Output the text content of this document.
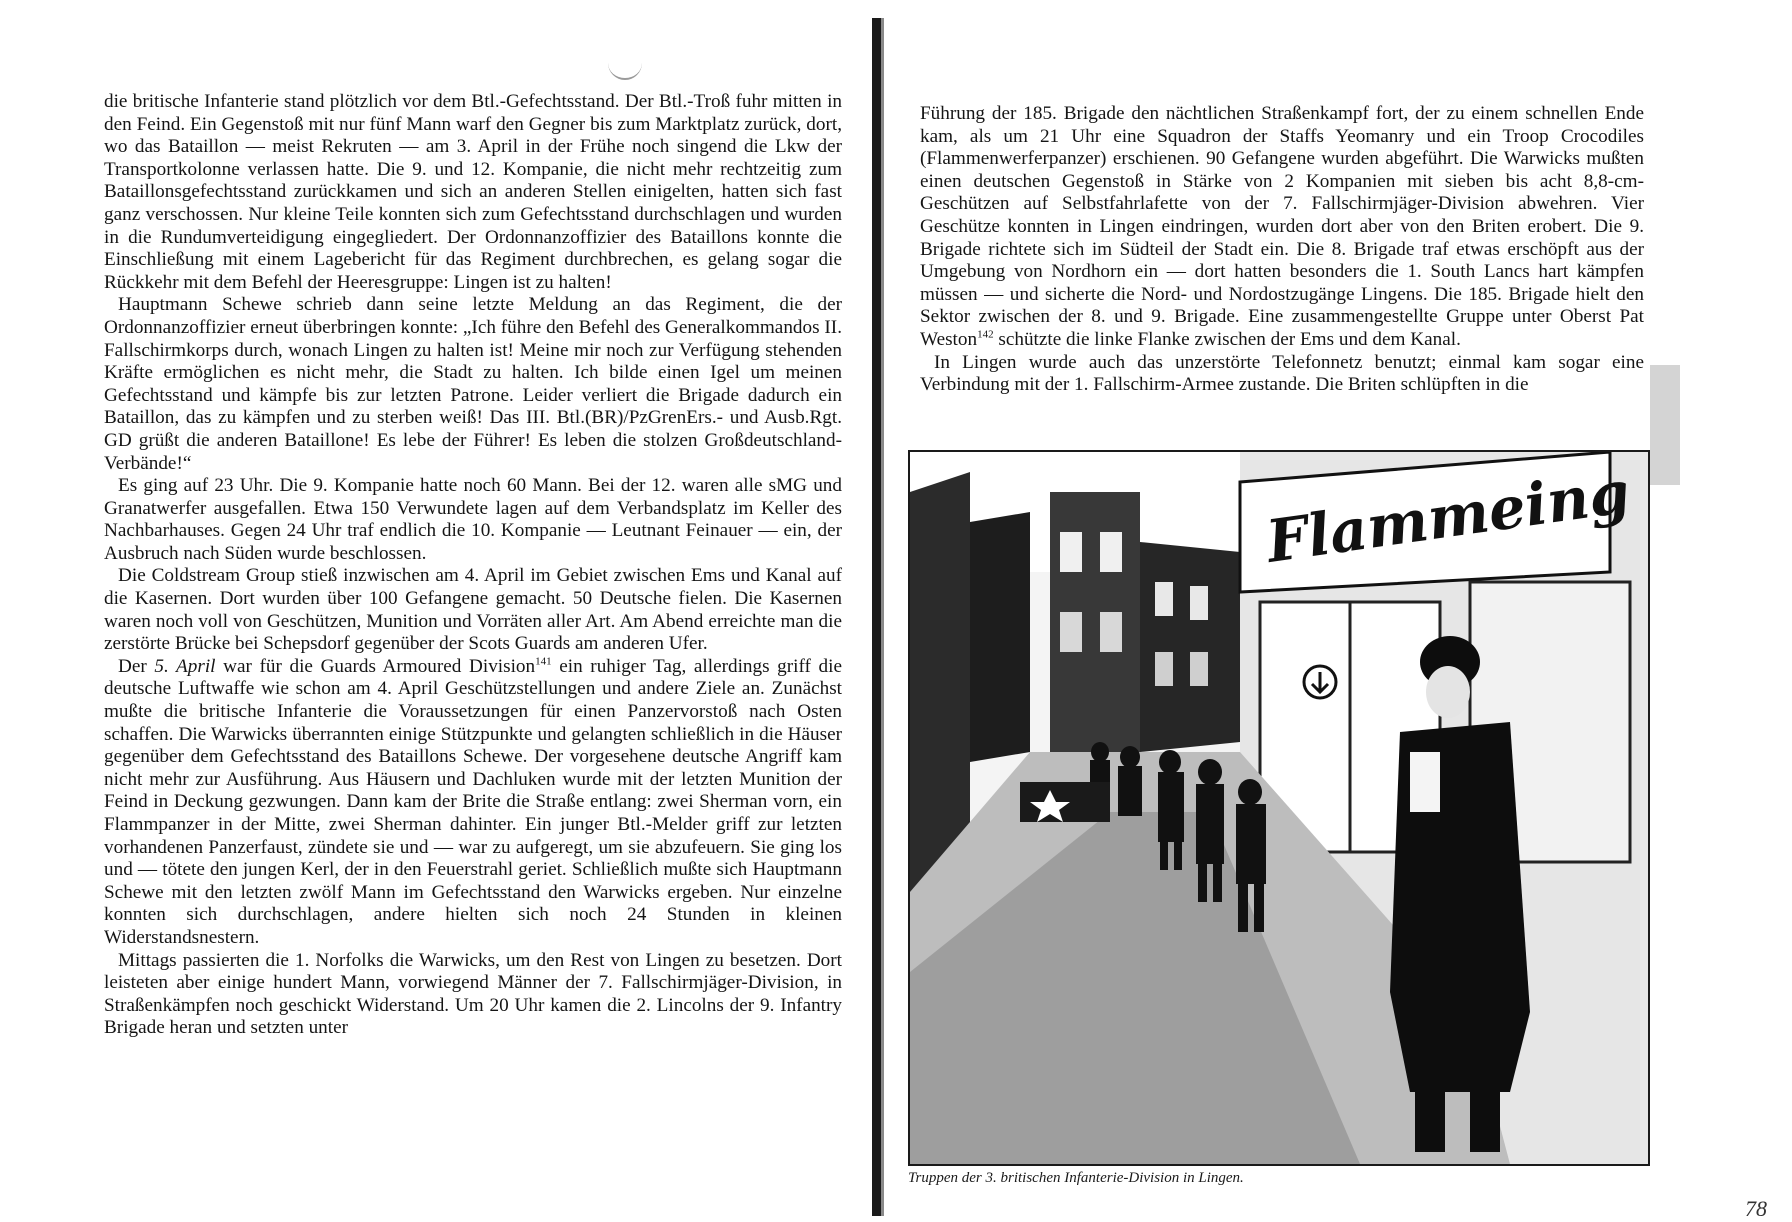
die britische Infanterie stand plötzlich vor dem Btl.-Gefechtsstand. Der Btl.-Troß fuhr mitten in den Feind. Ein Gegenstoß mit nur fünf Mann warf den Gegner bis zum Marktplatz zurück, dort, wo das Bataillon — meist Rekruten — am 3. April in der Frühe noch singend die Lkw der Transportkolonne verlassen hatte. Die 9. und 12. Kompanie, die nicht mehr rechtzeitig zum Bataillonsgefechtsstand zurückkamen und sich an anderen Stellen einigelten, hatten sich fast ganz verschossen. Nur kleine Teile konnten sich zum Gefechtsstand durchschlagen und wurden in die Rundumverteidigung eingegliedert. Der Ordonnanzoffizier des Bataillons konnte die Einschließung mit einem Lagebericht für das Regiment durchbrechen, es gelang sogar die Rückkehr mit dem Befehl der Heeresgruppe: Lingen ist zu halten!

Hauptmann Schewe schrieb dann seine letzte Meldung an das Regiment, die der Ordonnanzoffizier erneut überbringen konnte: „Ich führe den Befehl des Generalkommandos II. Fallschirmkorps durch, wonach Lingen zu halten ist! Meine mir noch zur Verfügung stehenden Kräfte ermöglichen es nicht mehr, die Stadt zu halten. Ich bilde einen Igel um meinen Gefechtsstand und kämpfe bis zur letzten Patrone. Leider verliert die Brigade dadurch ein Bataillon, das zu kämpfen und zu sterben weiß! Das III. Btl.(BR)/PzGrenErs.- und Ausb.Rgt. GD grüßt die anderen Bataillone! Es lebe der Führer! Es leben die stolzen Großdeutschland-Verbände!“

Es ging auf 23 Uhr. Die 9. Kompanie hatte noch 60 Mann. Bei der 12. waren alle sMG und Granatwerfer ausgefallen. Etwa 150 Verwundete lagen auf dem Verbandsplatz im Keller des Nachbarhauses. Gegen 24 Uhr traf endlich die 10. Kompanie — Leutnant Feinauer — ein, der Ausbruch nach Süden wurde beschlossen.

Die Coldstream Group stieß inzwischen am 4. April im Gebiet zwischen Ems und Kanal auf die Kasernen. Dort wurden über 100 Gefangene gemacht. 50 Deutsche fielen. Die Kasernen waren noch voll von Geschützen, Munition und Vorräten aller Art. Am Abend erreichte man die zerstörte Brücke bei Schepsdorf gegenüber der Scots Guards am anderen Ufer.

Der 5. April war für die Guards Armoured Division$^{141}$ ein ruhiger Tag, allerdings griff die deutsche Luftwaffe wie schon am 4. April Geschützstellungen und andere Ziele an. Zunächst mußte die britische Infanterie die Voraussetzungen für einen Panzervorstoß nach Osten schaffen. Die Warwicks überrannten einige Stützpunkte und gelangten schließlich in die Häuser gegenüber dem Gefechtsstand des Bataillons Schewe. Der vorgesehene deutsche Angriff kam nicht mehr zur Ausführung. Aus Häusern und Dachluken wurde mit der letzten Munition der Feind in Deckung gezwungen. Dann kam der Brite die Straße entlang: zwei Sherman vorn, ein Flammpanzer in der Mitte, zwei Sherman dahinter. Ein junger Btl.-Melder griff zur letzten vorhandenen Panzerfaust, zündete sie und — war zu aufgeregt, um sie abzufeuern. Sie ging los und — tötete den jungen Kerl, der in den Feuerstrahl geriet. Schließlich mußte sich Hauptmann Schewe mit den letzten zwölf Mann im Gefechtsstand den Warwicks ergeben. Nur einzelne konnten sich durchschlagen, andere hielten sich noch 24 Stunden in kleinen Widerstandsnestern.

Mittags passierten die 1. Norfolks die Warwicks, um den Rest von Lingen zu besetzen. Dort leisteten aber einige hundert Mann, vorwiegend Männer der 7. Fallschirmjäger-Division, in Straßenkämpfen noch geschickt Widerstand. Um 20 Uhr kamen die 2. Lincolns der 9. Infantry Brigade heran und setzten unter

Führung der 185. Brigade den nächtlichen Straßenkampf fort, der zu einem schnellen Ende kam, als um 21 Uhr eine Squadron der Staffs Yeomanry und ein Troop Crocodiles (Flammenwerferpanzer) erschienen. 90 Gefangene wurden abgeführt. Die Warwicks mußten einen deutschen Gegenstoß in Stärke von 2 Kompanien mit sieben bis acht 8,8-cm-Geschützen auf Selbstfahrlafette von der 7. Fallschirmjäger-Division abwehren. Vier Geschütze konnten in Lingen eindringen, wurden dort aber von den Briten erobert. Die 9. Brigade richtete sich im Südteil der Stadt ein. Die 8. Brigade traf etwas erschöpft aus der Umgebung von Nordhorn ein — dort hatten besonders die 1. South Lancs hart kämpfen müssen — und sicherte die Nord- und Nordostzugänge Lingens. Die 185. Brigade hielt den Sektor zwischen der 8. und 9. Brigade. Eine zusammengestellte Gruppe unter Oberst Pat Weston$^{142}$ schützte die linke Flanke zwischen der Ems und dem Kanal.

In Lingen wurde auch das unzerstörte Telefonnetz benutzt; einmal kam sogar eine Verbindung mit der 1. Fallschirm-Armee zustande. Die Briten schlüpften in die

Flammeing
Truppen der 3. britischen Infanterie-Division in Lingen.
78
